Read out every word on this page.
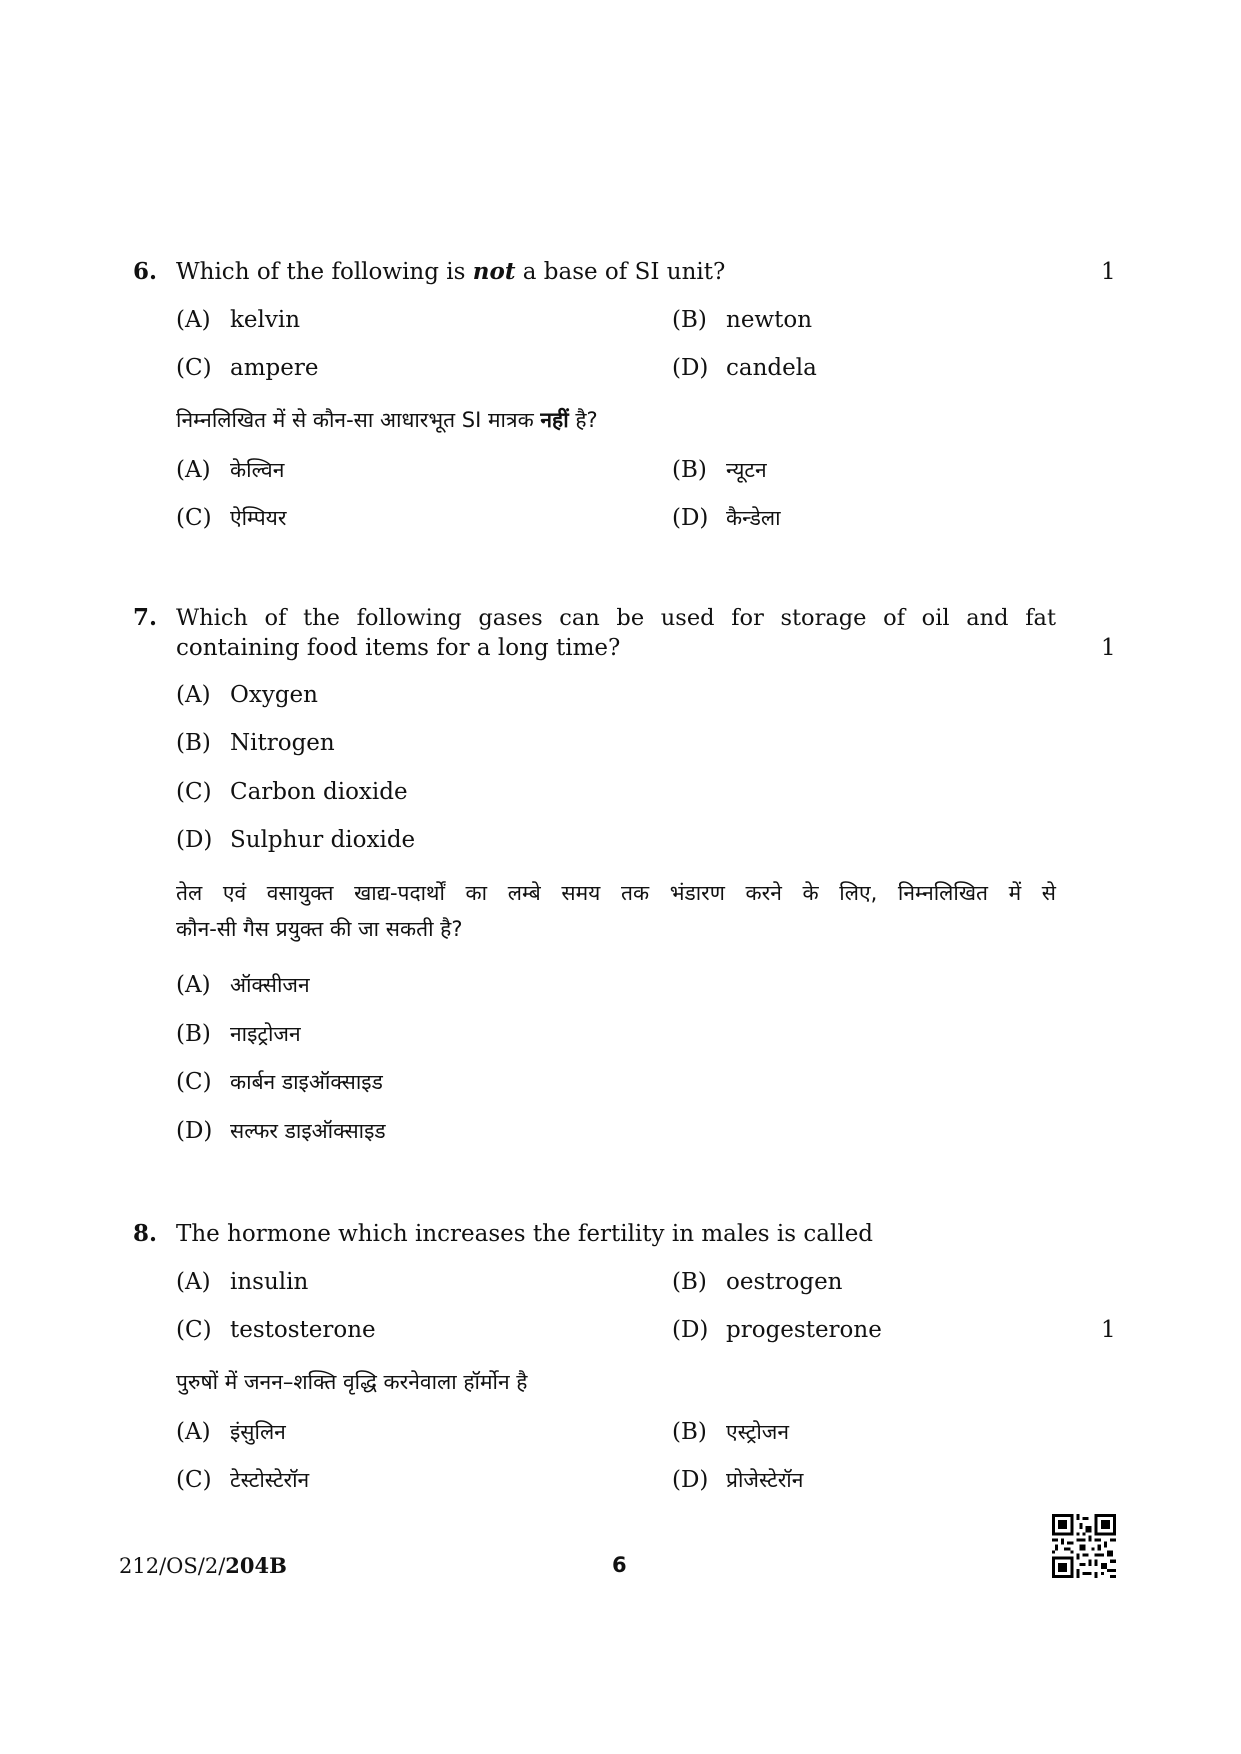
6. Which of the following is not a base of SI unit?	1
(A) kelvin	(B) newton
(C) ampere	(D) candela
निम्नलिखित में से कौन-सा आधारभूत SI मात्रक नहीं है?
(A) केल्विन	(B) न्यूटन
(C) ऐम्पियर	(D) कैन्डेला
7. Which of the following gases can be used for storage of oil and fat
containing food items for a long time?	1
(A) Oxygen
(B) Nitrogen
(C) Carbon dioxide
(D) Sulphur dioxide
तेल एवं वसायुक्त खाद्य-पदार्थों का लम्बे समय तक भंडारण करने के लिए, निम्नलिखित में से
कौन-सी गैस प्रयुक्त की जा सकती है?
(A) ऑक्सीजन
(B) नाइट्रोजन
(C) कार्बन डाइऑक्साइड
(D) सल्फर डाइऑक्साइड
8. The hormone which increases the fertility in males is called
(A) insulin	(B) oestrogen
(C) testosterone	(D) progesterone	1
पुरुषों में जनन–शक्ति वृद्धि करनेवाला हॉर्मोन है
(A) इंसुलिन	(B) एस्ट्रोजन
(C) टेस्टोस्टेरॉन	(D) प्रोजेस्टेरॉन
212/OS/2/204B	6
